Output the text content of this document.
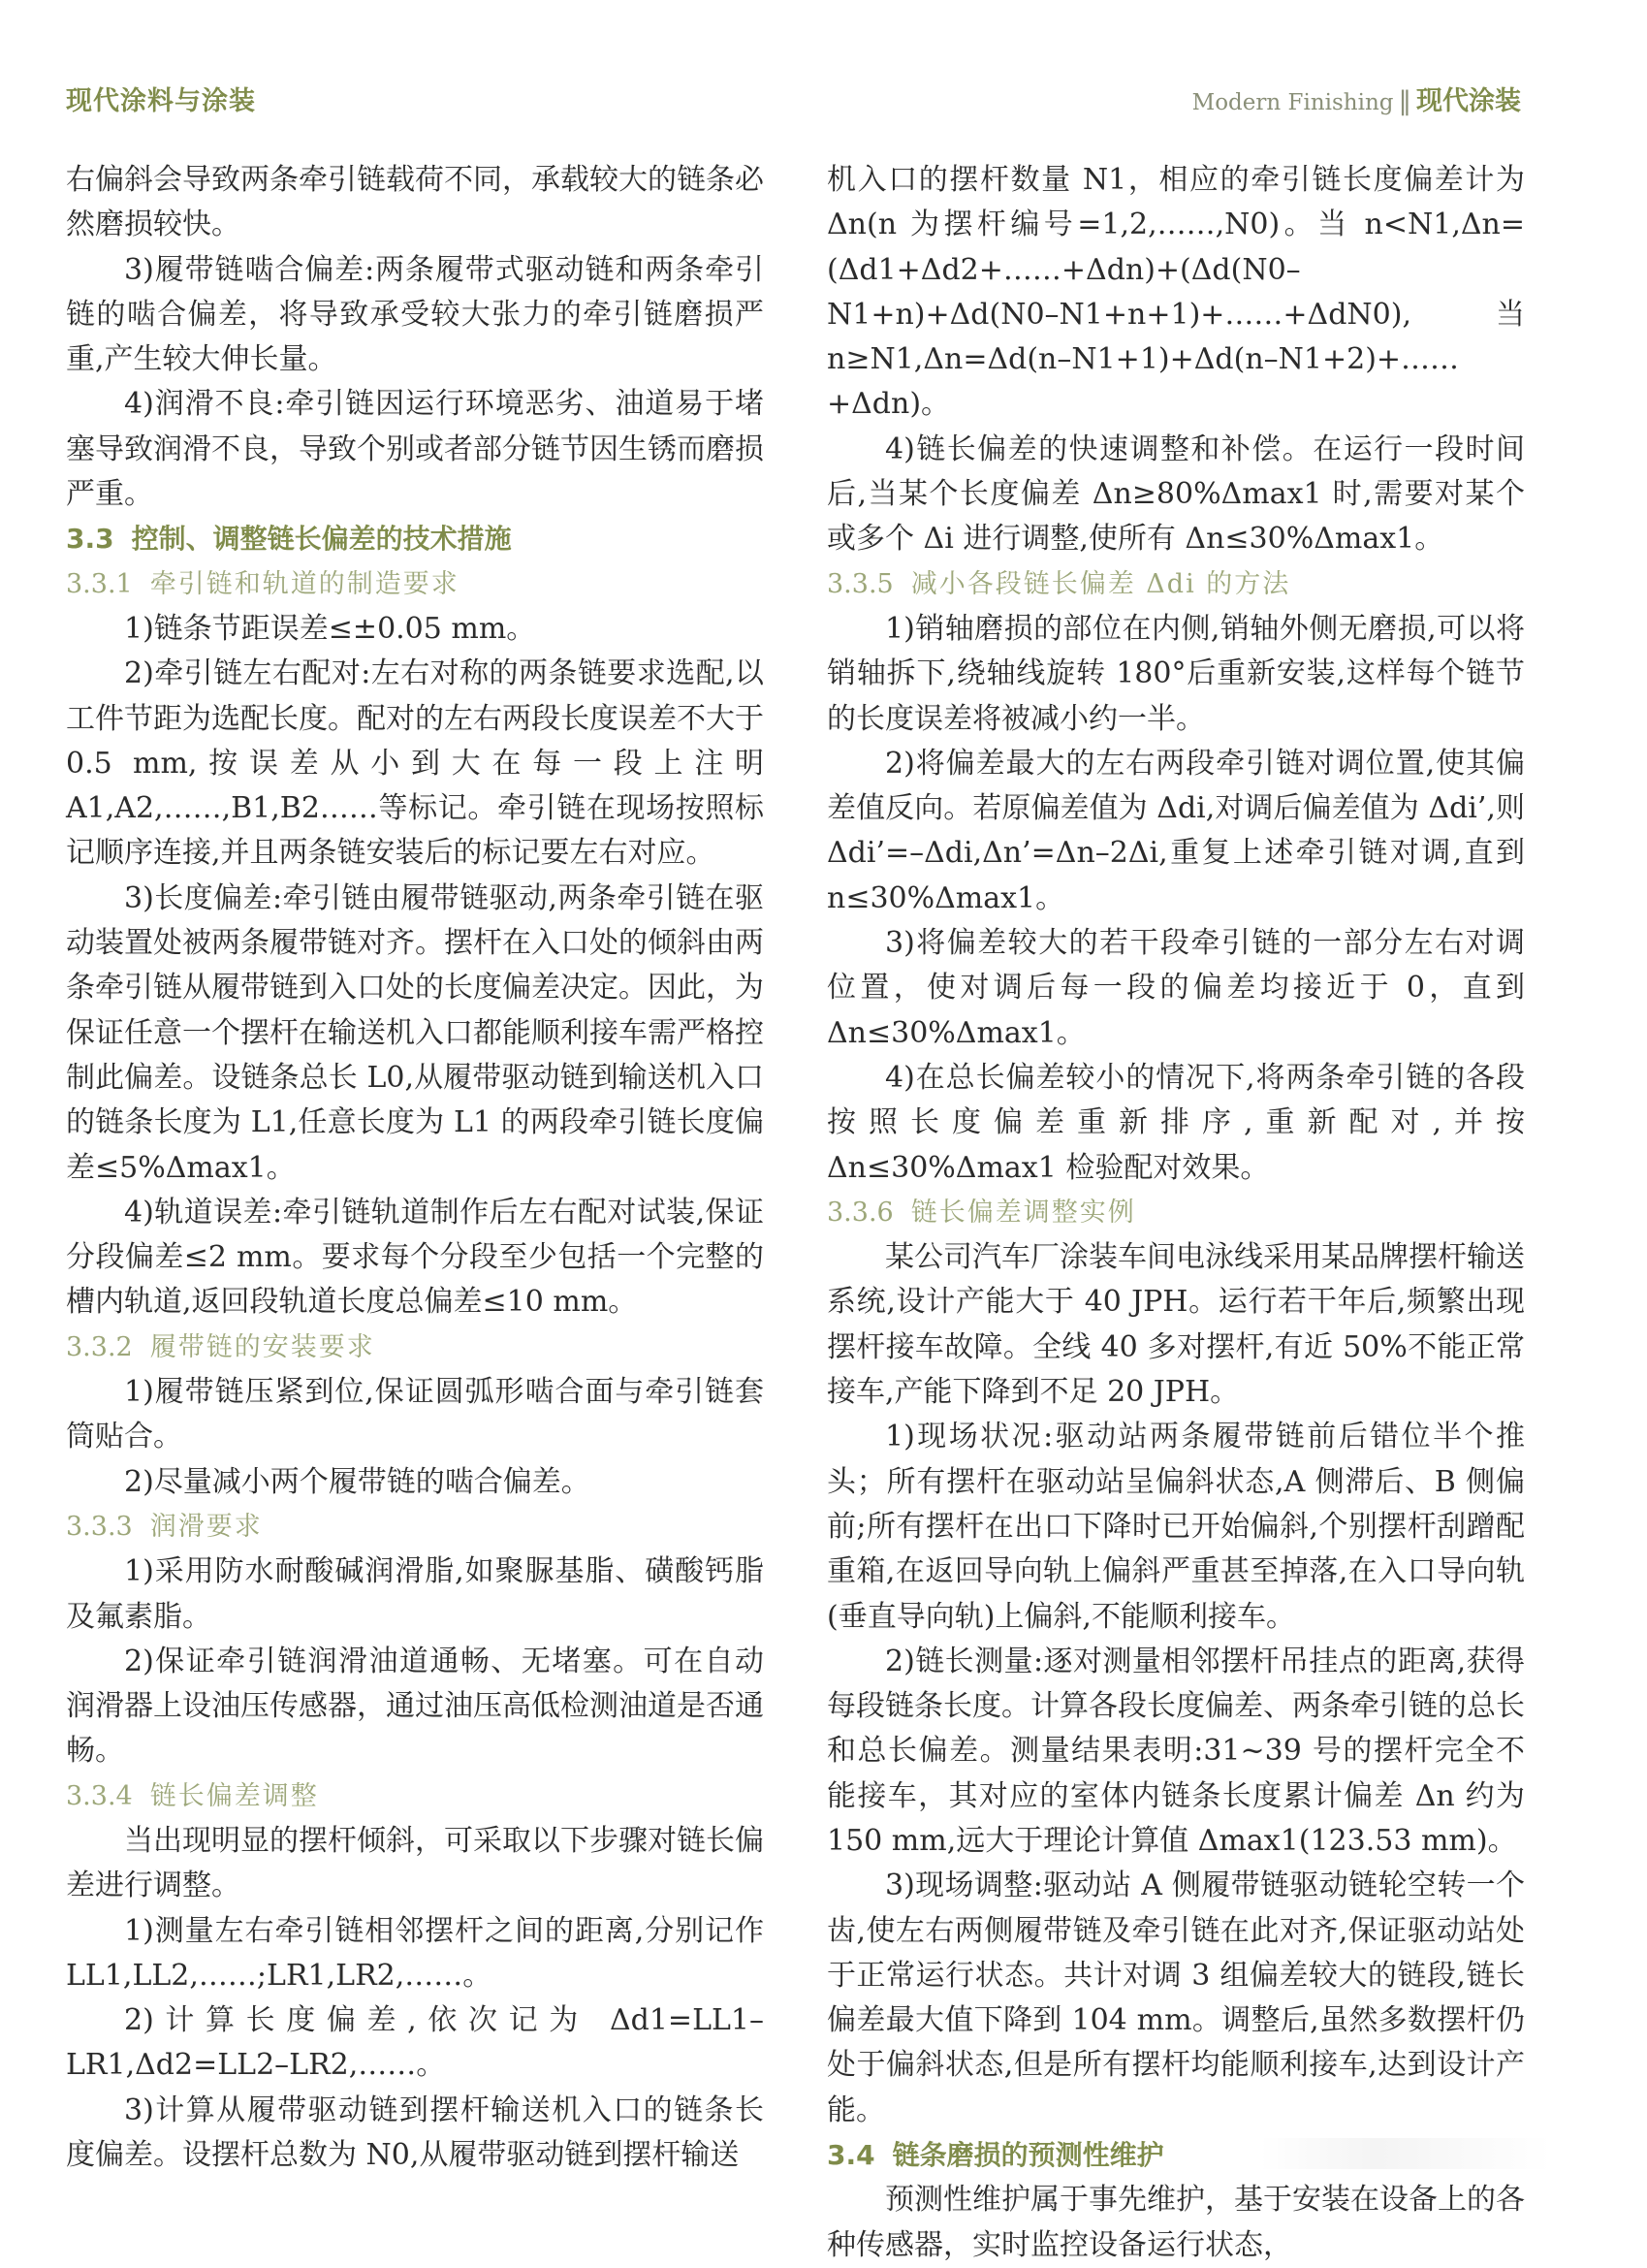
现代涂料与涂装	Modern Finishing ‖ 现代涂装

右偏斜会导致两条牵引链载荷不同，承载较大的链条必然磨损较快。

3)履带链啮合偏差:两条履带式驱动链和两条牵引链的啮合偏差，将导致承受较大张力的牵引链磨损严重,产生较大伸长量。

4)润滑不良:牵引链因运行环境恶劣、油道易于堵塞导致润滑不良，导致个别或者部分链节因生锈而磨损严重。

3.3 控制、调整链长偏差的技术措施
3.3.1 牵引链和轨道的制造要求

1)链条节距误差≤±0.05 mm。

2)牵引链左右配对:左右对称的两条链要求选配,以工件节距为选配长度。配对的左右两段长度误差不大于 0.5 mm,按误差从小到大在每一段上注明 A1,A2,……,B1,B2……等标记。牵引链在现场按照标记顺序连接,并且两条链安装后的标记要左右对应。

3)长度偏差:牵引链由履带链驱动,两条牵引链在驱动装置处被两条履带链对齐。摆杆在入口处的倾斜由两条牵引链从履带链到入口处的长度偏差决定。因此，为保证任意一个摆杆在输送机入口都能顺利接车需严格控制此偏差。设链条总长 L0,从履带驱动链到输送机入口的链条长度为 L1,任意长度为 L1 的两段牵引链长度偏差≤5%Δmax1。

4)轨道误差:牵引链轨道制作后左右配对试装,保证分段偏差≤2 mm。要求每个分段至少包括一个完整的槽内轨道,返回段轨道长度总偏差≤10 mm。

3.3.2 履带链的安装要求

1)履带链压紧到位,保证圆弧形啮合面与牵引链套筒贴合。

2)尽量减小两个履带链的啮合偏差。

3.3.3 润滑要求

1)采用防水耐酸碱润滑脂,如聚脲基脂、磺酸钙脂及氟素脂。

2)保证牵引链润滑油道通畅、无堵塞。可在自动润滑器上设油压传感器，通过油压高低检测油道是否通畅。

3.3.4 链长偏差调整

当出现明显的摆杆倾斜，可采取以下步骤对链长偏差进行调整。

1)测量左右牵引链相邻摆杆之间的距离,分别记作 LL1,LL2,……;LR1,LR2,……。

2)计算长度偏差,依次记为 Δd1=LL1–LR1,Δd2=LL2–LR2,……。

3)计算从履带驱动链到摆杆输送机入口的链条长度偏差。设摆杆总数为 N0,从履带驱动链到摆杆输送

机入口的摆杆数量 N1，相应的牵引链长度偏差计为 Δn(n 为摆杆编号=1,2,……,N0)。当 n<N1,Δn=(Δd1+Δd2+……+Δdn)+(Δd(N0–N1+n)+Δd(N0–N1+n+1)+……+ΔdN0),当 n≥N1,Δn=Δd(n–N1+1)+Δd(n–N1+2)+……+Δdn)。

4)链长偏差的快速调整和补偿。在运行一段时间后,当某个长度偏差 Δn≥80%Δmax1 时,需要对某个或多个 Δi 进行调整,使所有 Δn≤30%Δmax1。

3.3.5 减小各段链长偏差 Δdi 的方法

1)销轴磨损的部位在内侧,销轴外侧无磨损,可以将销轴拆下,绕轴线旋转 180°后重新安装,这样每个链节的长度误差将被减小约一半。

2)将偏差最大的左右两段牵引链对调位置,使其偏差值反向。若原偏差值为 Δdi,对调后偏差值为 Δdi’,则 Δdi’=–Δdi,Δn’=Δn–2Δi,重复上述牵引链对调,直到 n≤30%Δmax1。

3)将偏差较大的若干段牵引链的一部分左右对调位置，使对调后每一段的偏差均接近于 0，直到 Δn≤30%Δmax1。

4)在总长偏差较小的情况下,将两条牵引链的各段按照长度偏差重新排序,重新配对,并按 Δn≤30%Δmax1 检验配对效果。

3.3.6 链长偏差调整实例

某公司汽车厂涂装车间电泳线采用某品牌摆杆输送系统,设计产能大于 40 JPH。运行若干年后,频繁出现摆杆接车故障。全线 40 多对摆杆,有近 50%不能正常接车,产能下降到不足 20 JPH。

1)现场状况:驱动站两条履带链前后错位半个推头；所有摆杆在驱动站呈偏斜状态,A 侧滞后、B 侧偏前;所有摆杆在出口下降时已开始偏斜,个别摆杆刮蹭配重箱,在返回导向轨上偏斜严重甚至掉落,在入口导向轨(垂直导向轨)上偏斜,不能顺利接车。

2)链长测量:逐对测量相邻摆杆吊挂点的距离,获得每段链条长度。计算各段长度偏差、两条牵引链的总长和总长偏差。测量结果表明:31~39 号的摆杆完全不能接车，其对应的室体内链条长度累计偏差 Δn 约为 150 mm,远大于理论计算值 Δmax1(123.53 mm)。

3)现场调整:驱动站 A 侧履带链驱动链轮空转一个齿,使左右两侧履带链及牵引链在此对齐,保证驱动站处于正常运行状态。共计对调 3 组偏差较大的链段,链长偏差最大值下降到 104 mm。调整后,虽然多数摆杆仍处于偏斜状态,但是所有摆杆均能顺利接车,达到设计产能。

3.4 链条磨损的预测性维护

预测性维护属于事先维护，基于安装在设备上的各种传感器，实时监控设备运行状态，
